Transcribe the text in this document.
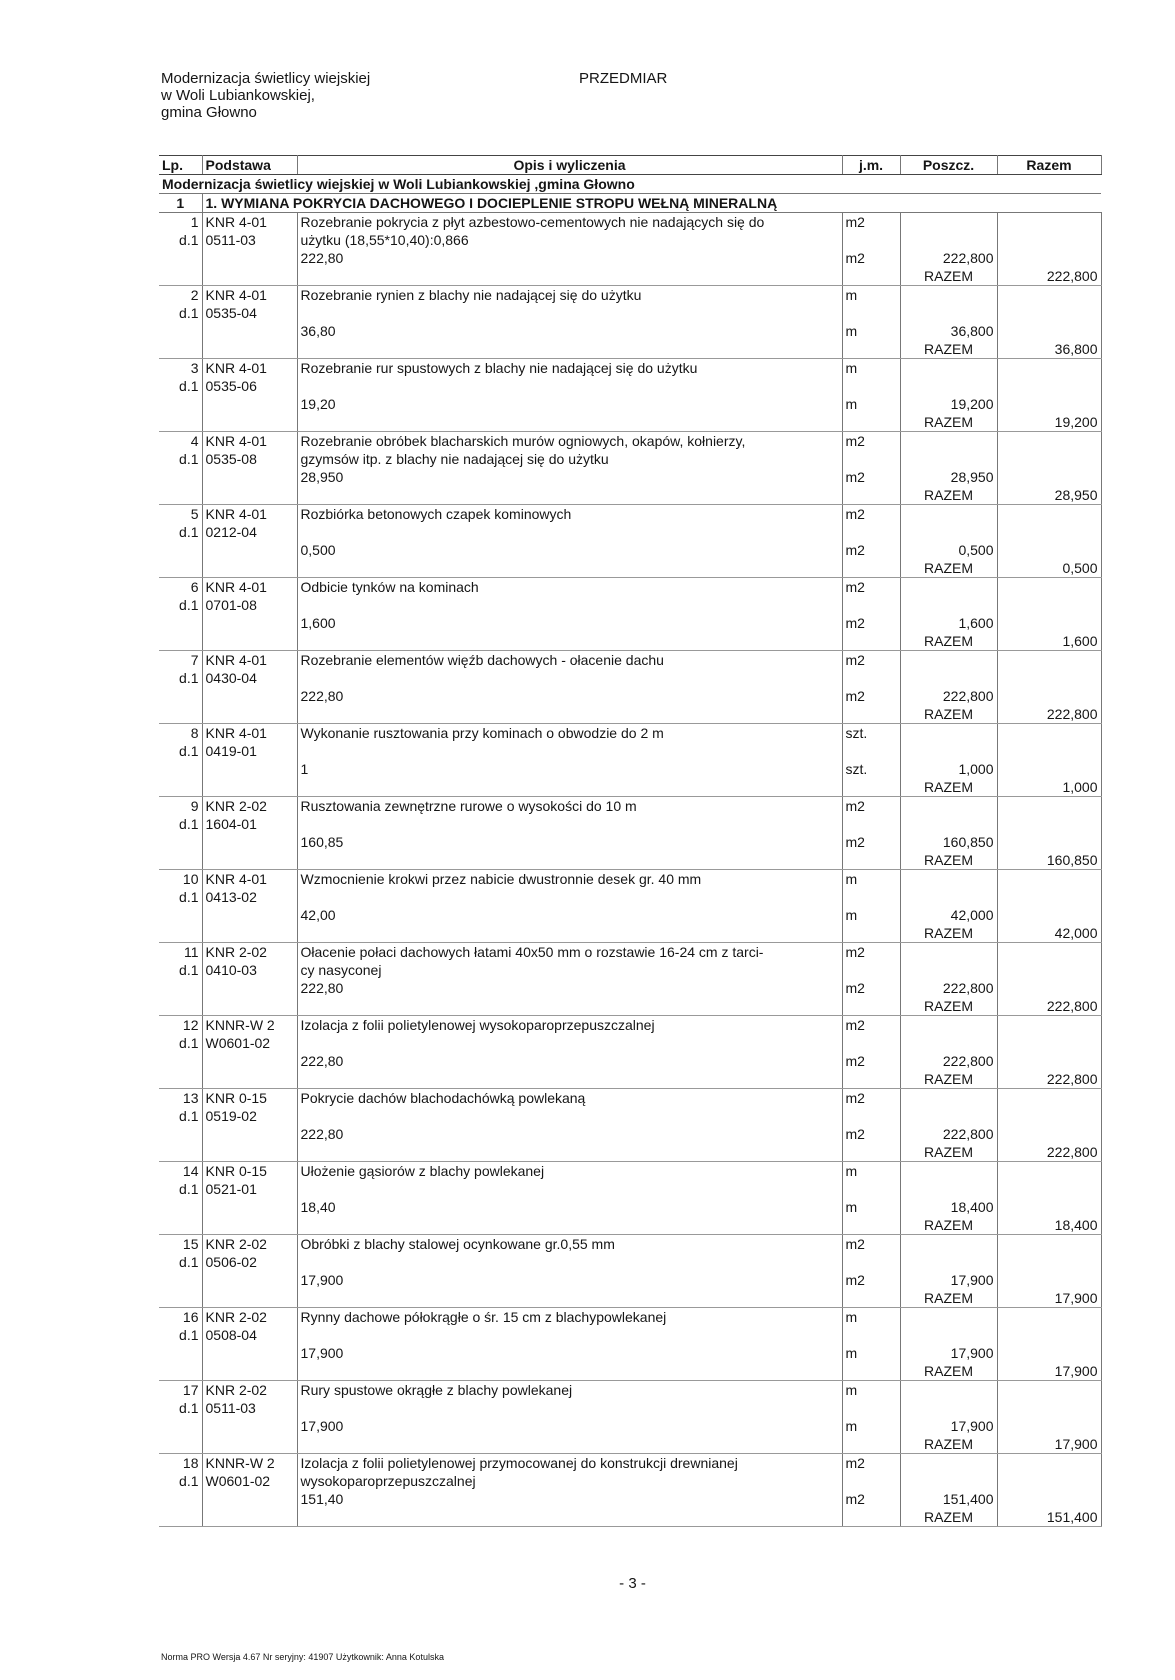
Modernizacja świetlicy wiejskiej
w Woli Lubiankowskiej,
gmina Głowno
PRZEDMIAR
Lp.	Podstawa	Opis i wyliczenia	j.m.	Poszcz.	Razem
Modernizacja świetlicy wiejskiej w Woli Lubiankowskiej ,gmina Głowno					
1	1. WYMIANA POKRYCIA DACHOWEGO I DOCIEPLENIE STROPU WEŁNĄ MINERALNĄ				
1	KNR 4-01	Rozebranie pokrycia z płyt azbestowo-cementowych nie nadających się do	m2		
d.1	0511-03	użytku (18,55*10,40):0,866			
		222,80	m2	222,800	
				RAZEM	222,800
2	KNR 4-01	Rozebranie rynien z blachy nie nadającej się do użytku	m		
d.1	0535-04				
		36,80	m	36,800	
				RAZEM	36,800
3	KNR 4-01	Rozebranie rur spustowych z blachy nie nadającej się do użytku	m		
d.1	0535-06				
		19,20	m	19,200	
				RAZEM	19,200
4	KNR 4-01	Rozebranie obróbek blacharskich murów ogniowych, okapów, kołnierzy,	m2		
d.1	0535-08	gzymsów itp. z blachy nie nadającej się do użytku			
		28,950	m2	28,950	
				RAZEM	28,950
5	KNR 4-01	Rozbiórka betonowych czapek kominowych	m2		
d.1	0212-04				
		0,500	m2	0,500	
				RAZEM	0,500
6	KNR 4-01	Odbicie tynków na kominach	m2		
d.1	0701-08				
		1,600	m2	1,600	
				RAZEM	1,600
7	KNR 4-01	Rozebranie elementów więźb dachowych - ołacenie dachu	m2		
d.1	0430-04				
		222,80	m2	222,800	
				RAZEM	222,800
8	KNR 4-01	Wykonanie rusztowania przy kominach o obwodzie do 2 m	szt.		
d.1	0419-01				
		1	szt.	1,000	
				RAZEM	1,000
9	KNR 2-02	Rusztowania zewnętrzne rurowe o wysokości do 10 m	m2		
d.1	1604-01				
		160,85	m2	160,850	
				RAZEM	160,850
10	KNR 4-01	Wzmocnienie krokwi przez nabicie dwustronnie desek gr. 40 mm	m		
d.1	0413-02				
		42,00	m	42,000	
				RAZEM	42,000
11	KNR 2-02	Ołacenie połaci dachowych łatami 40x50 mm o rozstawie 16-24 cm z tarci-	m2		
d.1	0410-03	cy nasyconej			
		222,80	m2	222,800	
				RAZEM	222,800
12	KNNR-W 2	Izolacja z folii polietylenowej wysokoparoprzepuszczalnej	m2		
d.1	W0601-02				
		222,80	m2	222,800	
				RAZEM	222,800
13	KNR 0-15	Pokrycie dachów blachodachówką powlekaną	m2		
d.1	0519-02				
		222,80	m2	222,800	
				RAZEM	222,800
14	KNR 0-15	Ułożenie gąsiorów z blachy powlekanej	m		
d.1	0521-01				
		18,40	m	18,400	
				RAZEM	18,400
15	KNR 2-02	Obróbki z blachy stalowej ocynkowane gr.0,55 mm	m2		
d.1	0506-02				
		17,900	m2	17,900	
				RAZEM	17,900
16	KNR 2-02	Rynny dachowe półokrągłe o śr. 15 cm z blachypowlekanej	m		
d.1	0508-04				
		17,900	m	17,900	
				RAZEM	17,900
17	KNR 2-02	Rury spustowe okrągłe z blachy powlekanej	m		
d.1	0511-03				
		17,900	m	17,900	
				RAZEM	17,900
18	KNNR-W 2	Izolacja z folii polietylenowej przymocowanej do konstrukcji drewnianej	m2		
d.1	W0601-02	wysokoparoprzepuszczalnej			
		151,40	m2	151,400	
				RAZEM	151,400
- 3 -
Norma PRO Wersja 4.67 Nr seryjny: 41907 Użytkownik: Anna Kotulska
